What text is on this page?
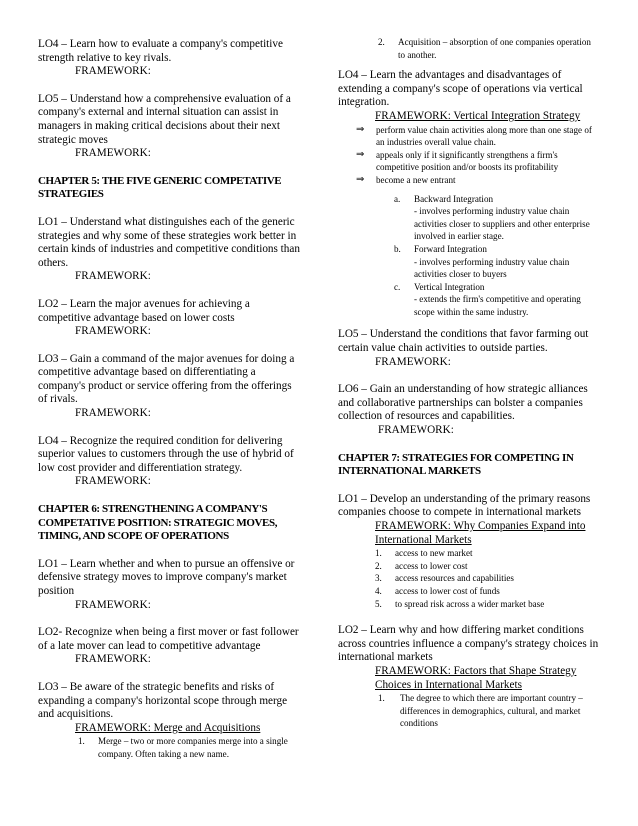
LO4 – Learn how to evaluate a company's competitive strength relative to key rivals.
FRAMEWORK:
LO5 – Understand how a comprehensive evaluation of a company's external and internal situation can assist in managers in making critical decisions about their next strategic moves
FRAMEWORK:
CHAPTER 5: THE FIVE GENERIC COMPETATIVE STRATEGIES
LO1 – Understand what distinguishes each of the generic strategies and why some of these strategies work better in certain kinds of industries and competitive conditions than others.
FRAMEWORK:
LO2 – Learn the major avenues for achieving a competitive advantage based on lower costs
FRAMEWORK:
LO3 – Gain a command of the major avenues for doing a competitive advantage based on differentiating a company's product or service offering from the offerings of rivals.
FRAMEWORK:
LO4 – Recognize the required condition for delivering superior values to customers through the use of hybrid of low cost provider and differentiation strategy.
FRAMEWORK:
CHAPTER 6: STRENGTHENING A COMPANY'S COMPETATIVE POSITION: STRATEGIC MOVES, TIMING, AND SCOPE OF OPERATIONS
LO1 – Learn whether and when to pursue an offensive or defensive strategy moves to improve company's market position
FRAMEWORK:
LO2- Recognize when being a first mover or fast follower of a late mover can lead to competitive advantage
FRAMEWORK:
LO3 – Be aware of the strategic benefits and risks of expanding a company's horizontal scope through merge and acquisitions.
FRAMEWORK: Merge and Acquisitions
1.	Merge – two or more companies merge into a single company. Often taking a new name.
2.	Acquisition – absorption of one companies operation to another.
LO4 – Learn the advantages and disadvantages of extending a company's scope of operations via vertical integration.
FRAMEWORK: Vertical Integration Strategy
⇒	perform value chain activities along more than one stage of an industries overall value chain.
⇒	appeals only if it significantly strengthens a firm's competitive position and/or boosts its profitability
⇒	become a new entrant
a.	Backward Integration
- involves performing industry value chain activities closer to suppliers and other enterprise involved in earlier stage.
b.	Forward Integration
- involves performing industry value chain activities closer to buyers
c.	Vertical Integration
- extends the firm's competitive and operating scope within the same industry.
LO5 – Understand the conditions that favor farming out certain value chain activities to outside parties.
FRAMEWORK:
LO6 – Gain an understanding of how strategic alliances and collaborative partnerships can bolster a companies collection of resources and capabilities.
FRAMEWORK:
CHAPTER 7: STRATEGIES FOR COMPETING IN INTERNATIONAL MARKETS
LO1 – Develop an understanding of the primary reasons companies choose to compete in international markets
FRAMEWORK: Why Companies Expand into International Markets
1.	access to new market
2.	access to lower cost
3.	access resources and capabilities
4.	access to lower cost of funds
5.	to spread risk across a wider market base
LO2 – Learn why and how differing market conditions across countries influence a company's strategy choices in international markets
FRAMEWORK: Factors that Shape Strategy Choices in International Markets
1.	The degree to which there are important country – differences in demographics, cultural, and market conditions
